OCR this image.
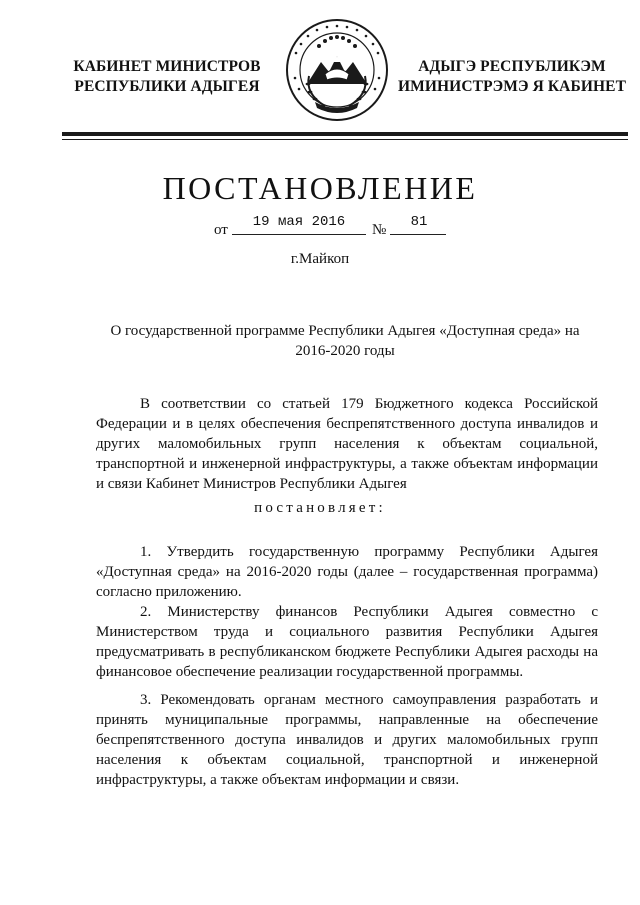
КАБИНЕТ МИНИСТРОВ
РЕСПУБЛИКИ АДЫГЕЯ
АДЫГЭ РЕСПУБЛИКЭМ
ИМИНИСТРЭМЭ Я КАБИНЕТ
ПОСТАНОВЛЕНИЕ
от	19 мая 2016	№	81
г.Майкоп
О государственной программе Республики Адыгея «Доступная среда» на
2016-2020 годы

В соответствии со статьей 179 Бюджетного кодекса Российской Федерации и в целях обеспечения беспрепятственного доступа инвалидов и других маломобильных групп населения к объектам социальной, транспортной и инженерной инфраструктуры, а также объектам информации и связи Кабинет Министров Республики Адыгея

постановляет:

1. Утвердить государственную программу Республики Адыгея «Доступная среда» на 2016-2020 годы (далее – государственная программа) согласно приложению.

2. Министерству финансов Республики Адыгея совместно с Министерством труда и социального развития Республики Адыгея предусматривать в республиканском бюджете Республики Адыгея расходы на финансовое обеспечение реализации государственной программы.

3. Рекомендовать органам местного самоуправления разработать и принять муниципальные программы, направленные на обеспечение беспрепятственного доступа инвалидов и других маломобильных групп населения к объектам социальной, транспортной и инженерной инфраструктуры, а также объектам информации и связи.
